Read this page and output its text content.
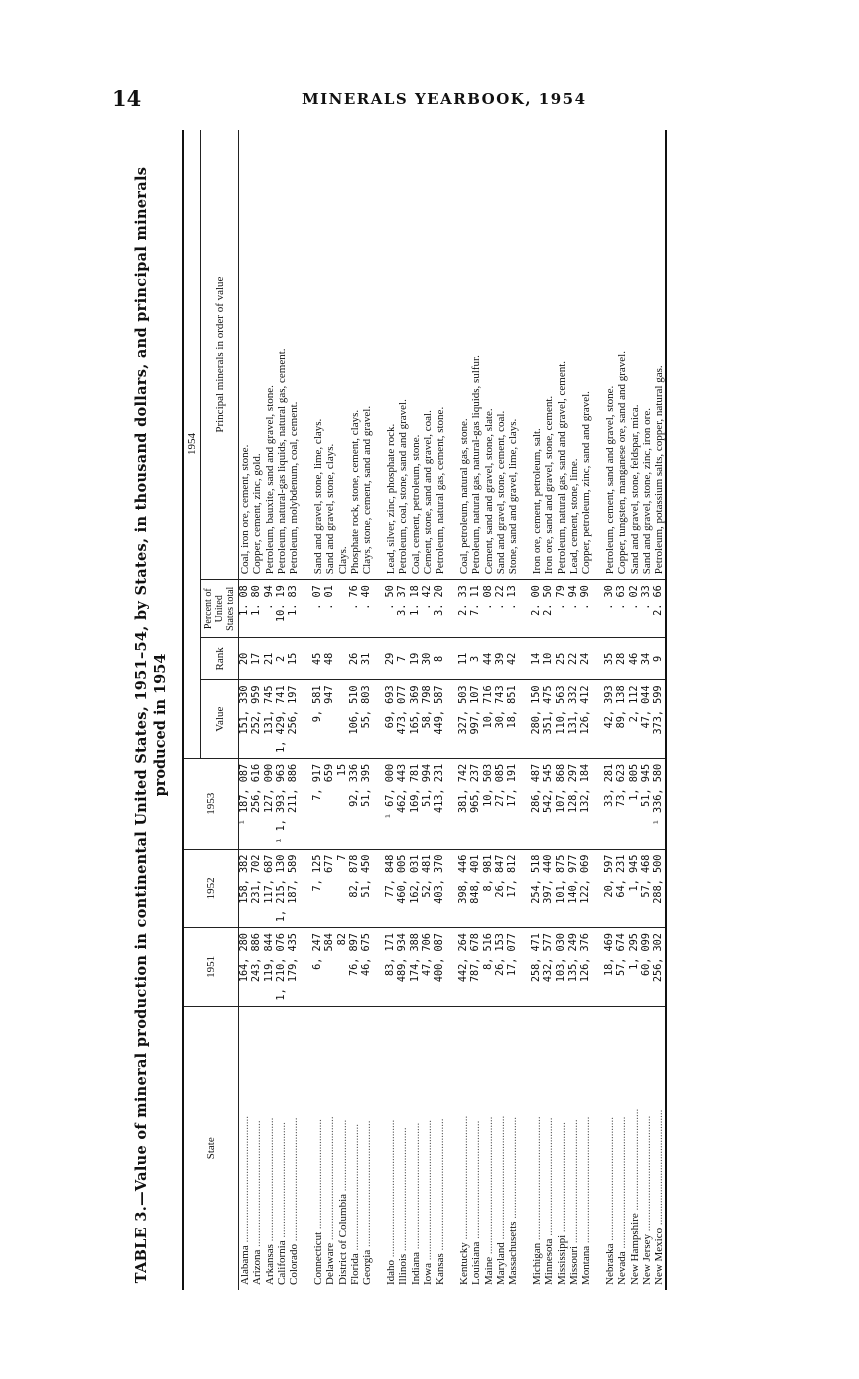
14	MINERALS YEARBOOK, 1954
TABLE 3.—Value of mineral production in continental United States, 1951–54, by States, in thousand dollars, and principal minerals produced in 1954
State	1951	1952	1953	1954			
				Value	Rank	Percent of United States total	Principal minerals in order of value
Alabama ..............................................	164, 280	158, 382	¹ 187, 087	151, 330	20	1. 08	Coal, iron ore, cement, stone.
Arizona ..............................................	243, 886	231, 702	256, 616	252, 959	17	1. 80	Copper, cement, zinc, gold.
Arkansas .............................................	119, 844	117, 687	127, 090	131, 745	21	. 94	Petroleum, bauxite, sand and gravel, stone.
California ..........................................	1, 210, 076	1, 215, 130	¹ 1, 393, 963	1, 429, 741	2	10. 19	Petroleum, natural-gas liquids, natural gas, cement.
Colorado .............................................	179, 435	187, 589	211, 886	256, 197	15	1. 83	Petroleum, molybdenum, coal, cement.

Connecticut ........................................	6, 247	7, 125	7, 917	9, 581	45	. 07	Sand and gravel, stone, lime, clays.
Delaware .............................................	584	677	659	947	48	. 01	Sand and gravel, stone, clays.
District of Columbia ..........................	82	7	15				Clays.
Florida ..............................................	76, 897	82, 878	92, 336	106, 510	26	. 76	Phosphate rock, stone, cement, clays.
Georgia ..............................................	46, 675	51, 450	51, 395	55, 803	31	. 40	Clays, stone, cement, sand and gravel.

Idaho ..................................................	83, 171	77, 848	¹ 67, 000	69, 693	29	. 50	Lead, silver, zinc, phosphate rock.
Illinois .............................................	489, 934	460, 005	462, 443	473, 077	7	3. 37	Petroleum, coal, stone, sand and gravel.
Indiana ..............................................	174, 388	162, 031	169, 781	165, 369	19	1. 18	Coal, cement, petroleum, stone.
Iowa ...................................................	47, 706	52, 481	51, 994	58, 798	30	. 42	Cement, stone, sand and gravel, coal.
Kansas ................................................	400, 087	403, 370	413, 231	449, 587	8	3. 20	Petroleum, natural gas, cement, stone.

Kentucky .............................................	442, 264	398, 446	381, 742	327, 503	11	2. 33	Coal, petroleum, natural gas, stone.
Louisiana ...........................................	787, 678	848, 401	965, 237	997, 107	3	7. 11	Petroleum, natural gas, natural-gas liquids, sulfur.
Maine ..................................................	8, 516	8, 981	10, 503	10, 716	44	. 08	Cement, sand and gravel, stone, slate.
Maryland .............................................	26, 153	26, 847	27, 085	30, 743	39	. 22	Sand and gravel, stone, cement, coal.
Massachusetts .....................................	17, 077	17, 812	17, 191	18, 851	42	. 13	Stone, sand and gravel, lime, clays.

Michigan .............................................	258, 471	254, 518	286, 487	280, 150	14	2. 00	Iron ore, cement, petroleum, salt.
Minnesota ...........................................	432, 577	397, 440	542, 545	351, 475	10	2. 50	Iron ore, sand and gravel, stone, cement.
Mississippi ........................................	103, 030	101, 875	107, 868	110, 563	25	. 79	Petroleum, natural gas, sand and gravel, cement.
Missouri .............................................	135, 249	140, 977	128, 297	131, 332	22	. 94	Lead, cement, stone, lime.
Montana ..............................................	126, 376	122, 069	132, 184	126, 412	24	. 90	Copper, petroleum, zinc, sand and gravel.

Nebraska .............................................	18, 469	20, 597	33, 281	42, 393	35	. 30	Petroleum, cement, sand and gravel, stone.
Nevada ................................................	57, 674	64, 231	73, 623	89, 138	28	. 63	Copper, tungsten, manganese ore, sand and gravel.
New Hampshire .....................................	1, 295	1, 945	1, 805	2, 112	46	. 02	Sand and gravel, stone, feldspar, mica.
New Jersey ..........................................	60, 099	57, 468	51, 945	47, 044	34	. 33	Sand and gravel, stone, zinc, iron ore.
New Mexico ..........................................	256, 302	288, 500	¹ 336, 580	373, 599	9	2. 66	Petroleum, potassium salts, copper, natural gas.
